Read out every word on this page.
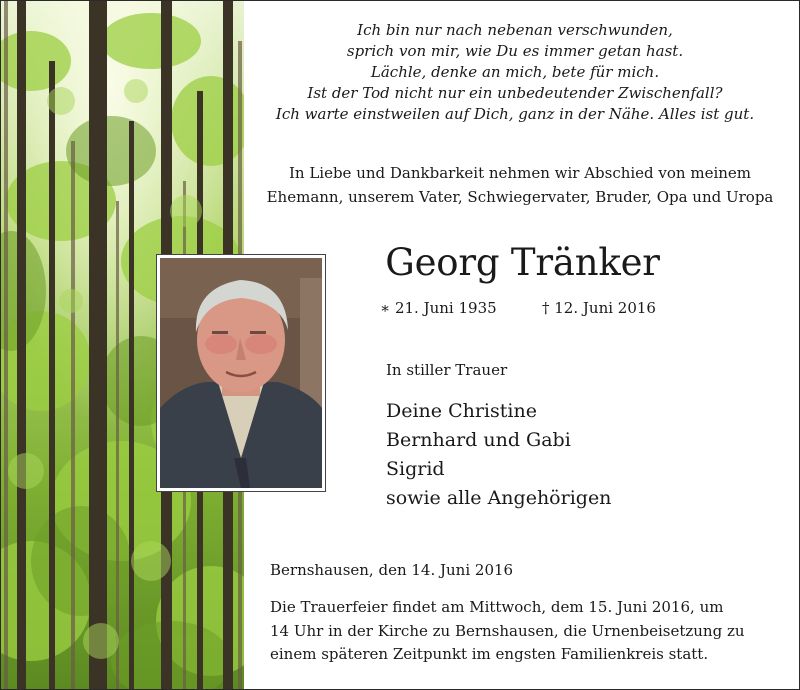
Ich bin nur nach nebenan verschwunden,
sprich von mir, wie Du es immer getan hast.
Lächle, denke an mich, bete für mich.
Ist der Tod nicht nur ein unbedeutender Zwischenfall?
Ich warte einstweilen auf Dich, ganz in der Nähe. Alles ist gut.
In Liebe und Dankbarkeit nehmen wir Abschied von meinem
Ehemann, unserem Vater, Schwiegervater, Bruder, Opa und Uropa
Georg Tränker
∗ 21. Juni 1935	† 12. Juni 2016
In stiller Trauer
Deine Christine
Bernhard und Gabi
Sigrid
sowie alle Angehörigen
Bernshausen, den 14. Juni 2016
Die Trauerfeier findet am Mittwoch, dem 15. Juni 2016, um
14 Uhr in der Kirche zu Bernshausen, die Urnenbeisetzung zu
einem späteren Zeitpunkt im engsten Familienkreis statt.
